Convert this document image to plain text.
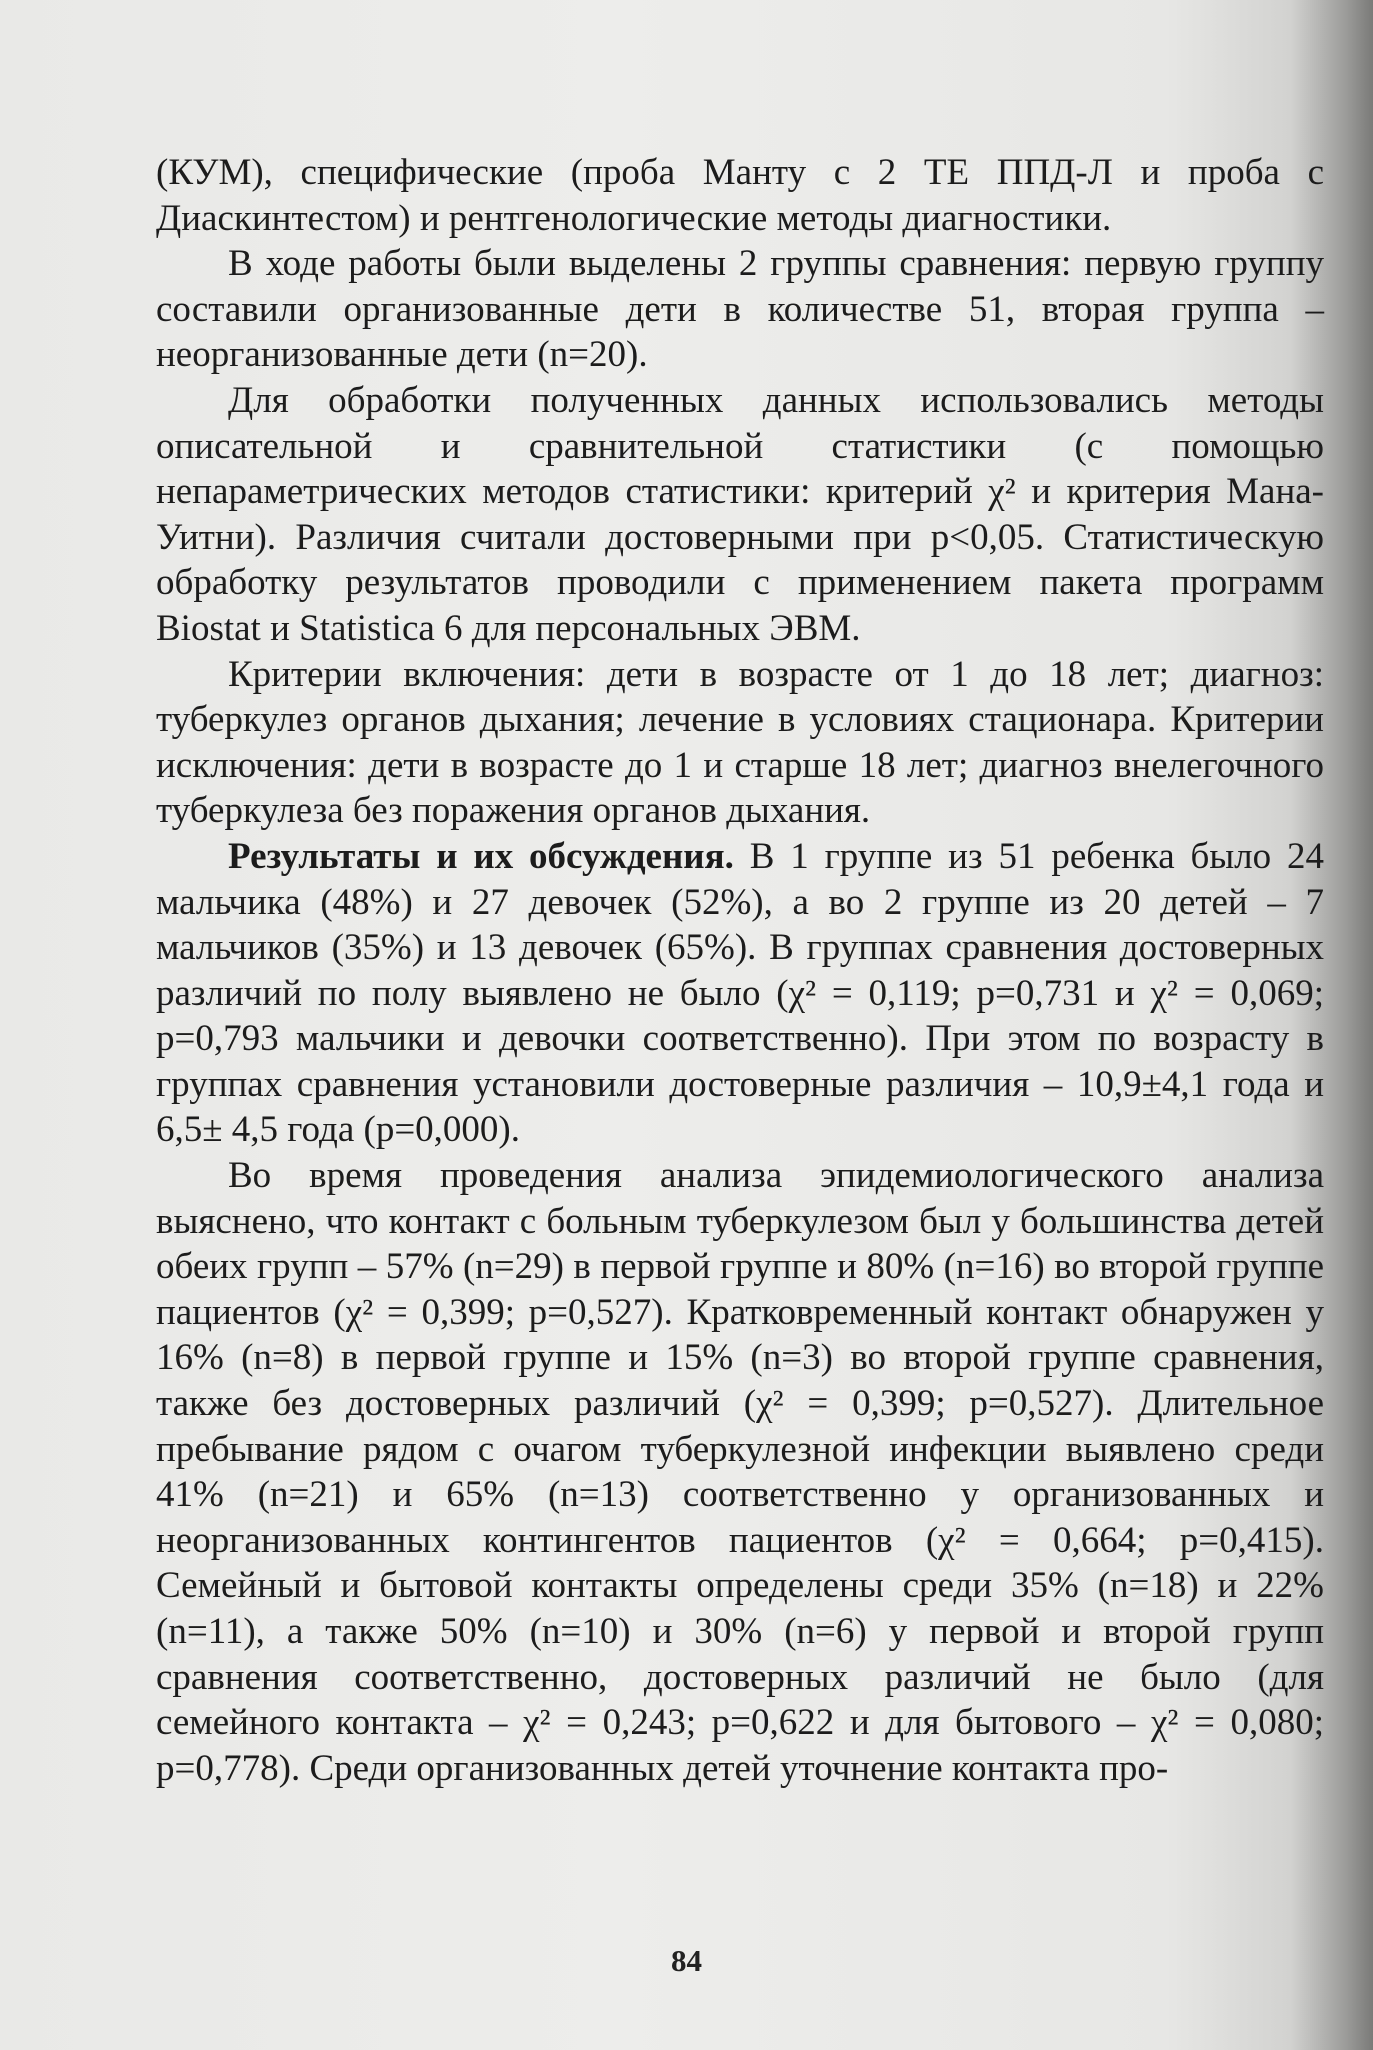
(КУМ), специфические (проба Манту с 2 ТЕ ППД-Л и проба с Диаскинтестом) и рентгенологические методы диагностики.

В ходе работы были выделены 2 группы сравнения: первую группу составили организованные дети в количестве 51, вторая группа – неорганизованные дети (n=20).

Для обработки полученных данных использовались методы описательной и сравнительной статистики (с помощью непараметрических методов статистики: критерий χ² и критерия Мана-Уитни). Различия считали достоверными при р<0,05. Статистическую обработку результатов проводили с применением пакета программ Biostat и Statistica 6 для персональных ЭВМ.

Критерии включения: дети в возрасте от 1 до 18 лет; диагноз: туберкулез органов дыхания; лечение в условиях стационара. Критерии исключения: дети в возрасте до 1 и старше 18 лет; диагноз внелегочного туберкулеза без поражения органов дыхания.

Результаты и их обсуждения. В 1 группе из 51 ребенка было 24 мальчика (48%) и 27 девочек (52%), а во 2 группе из 20 детей – 7 мальчиков (35%) и 13 девочек (65%). В группах сравнения достоверных различий по полу выявлено не было (χ² = 0,119; р=0,731 и χ² = 0,069; р=0,793 мальчики и девочки соответственно). При этом по возрасту в группах сравнения установили достоверные различия – 10,9±4,1 года и 6,5± 4,5 года (р=0,000).

Во время проведения анализа эпидемиологического анализа выяснено, что контакт с больным туберкулезом был у большинства детей обеих групп – 57% (n=29) в первой группе и 80% (n=16) во второй группе пациентов (χ² = 0,399; р=0,527). Кратковременный контакт обнаружен у 16% (n=8) в первой группе и 15% (n=3) во второй группе сравнения, также без достоверных различий (χ² = 0,399; р=0,527). Длительное пребывание рядом с очагом туберкулезной инфекции выявлено среди 41% (n=21) и 65% (n=13) соответственно у организованных и неорганизованных контингентов пациентов (χ² = 0,664; р=0,415). Семейный и бытовой контакты определены среди 35% (n=18) и 22% (n=11), а также 50% (n=10) и 30% (n=6) у первой и второй групп сравнения соответственно, достоверных различий не было (для семейного контакта – χ² = 0,243; р=0,622 и для бытового – χ² = 0,080; р=0,778). Среди организованных детей уточнение контакта про-

84
